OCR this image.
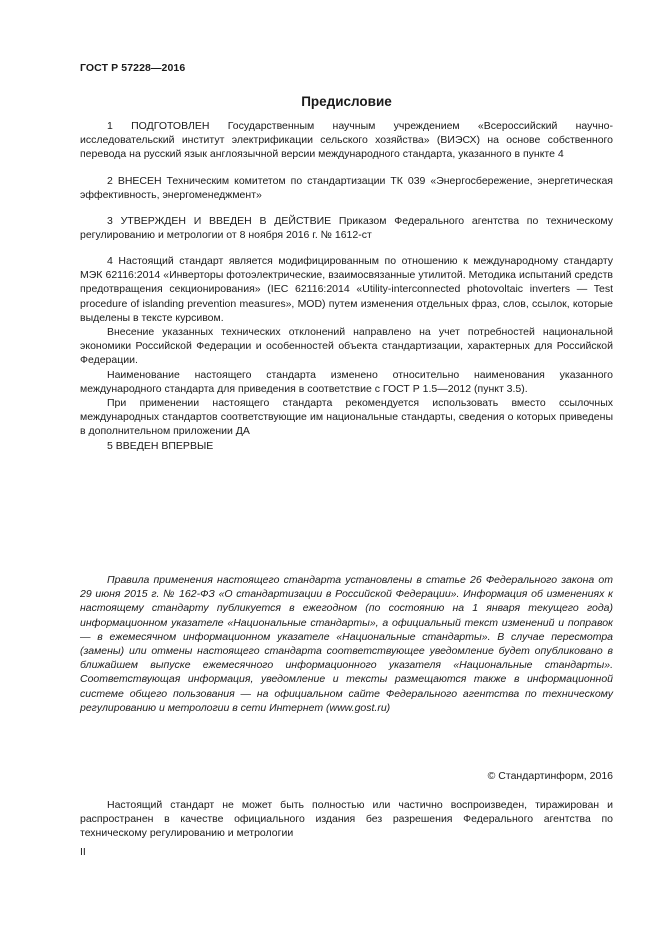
ГОСТ Р 57228—2016
Предисловие

1 ПОДГОТОВЛЕН Государственным научным учреждением «Всероссийский научно-исследовательский институт электрификации сельского хозяйства» (ВИЭСХ) на основе собственного перевода на русский язык англоязычной версии международного стандарта, указанного в пункте 4

2 ВНЕСЕН Техническим комитетом по стандартизации ТК 039 «Энергосбережение, энергетическая эффективность, энергоменеджмент»

3 УТВЕРЖДЕН И ВВЕДЕН В ДЕЙСТВИЕ Приказом Федерального агентства по техническому регулированию и метрологии от 8 ноября 2016 г. № 1612-ст

4 Настоящий стандарт является модифицированным по отношению к международному стандарту МЭК 62116:2014 «Инверторы фотоэлектрические, взаимосвязанные утилитой. Методика испытаний средств предотвращения секционирования» (IEC 62116:2014 «Utility-interconnected photovoltaic inverters — Test procedure of islanding prevention measures», MOD) путем изменения отдельных фраз, слов, ссылок, которые выделены в тексте курсивом.

Внесение указанных технических отклонений направлено на учет потребностей национальной экономики Российской Федерации и особенностей объекта стандартизации, характерных для Российской Федерации.

Наименование настоящего стандарта изменено относительно наименования указанного международного стандарта для приведения в соответствие с ГОСТ Р 1.5—2012 (пункт 3.5).

При применении настоящего стандарта рекомендуется использовать вместо ссылочных международных стандартов соответствующие им национальные стандарты, сведения о которых приведены в дополнительном приложении ДА

5 ВВЕДЕН ВПЕРВЫЕ

Правила применения настоящего стандарта установлены в статье 26 Федерального закона от 29 июня 2015 г. № 162-ФЗ «О стандартизации в Российской Федерации». Информация об изменениях к настоящему стандарту публикуется в ежегодном (по состоянию на 1 января текущего года) информационном указателе «Национальные стандарты», а официальный текст изменений и поправок — в ежемесячном информационном указателе «Национальные стандарты». В случае пересмотра (замены) или отмены настоящего стандарта соответствующее уведомление будет опубликовано в ближайшем выпуске ежемесячного информационного указателя «Национальные стандарты». Соответствующая информация, уведомление и тексты размещаются также в информационной системе общего пользования — на официальном сайте Федерального агентства по техническому регулированию и метрологии в сети Интернет (www.gost.ru)

© Стандартинформ, 2016

Настоящий стандарт не может быть полностью или частично воспроизведен, тиражирован и распространен в качестве официального издания без разрешения Федерального агентства по техническому регулированию и метрологии

II
